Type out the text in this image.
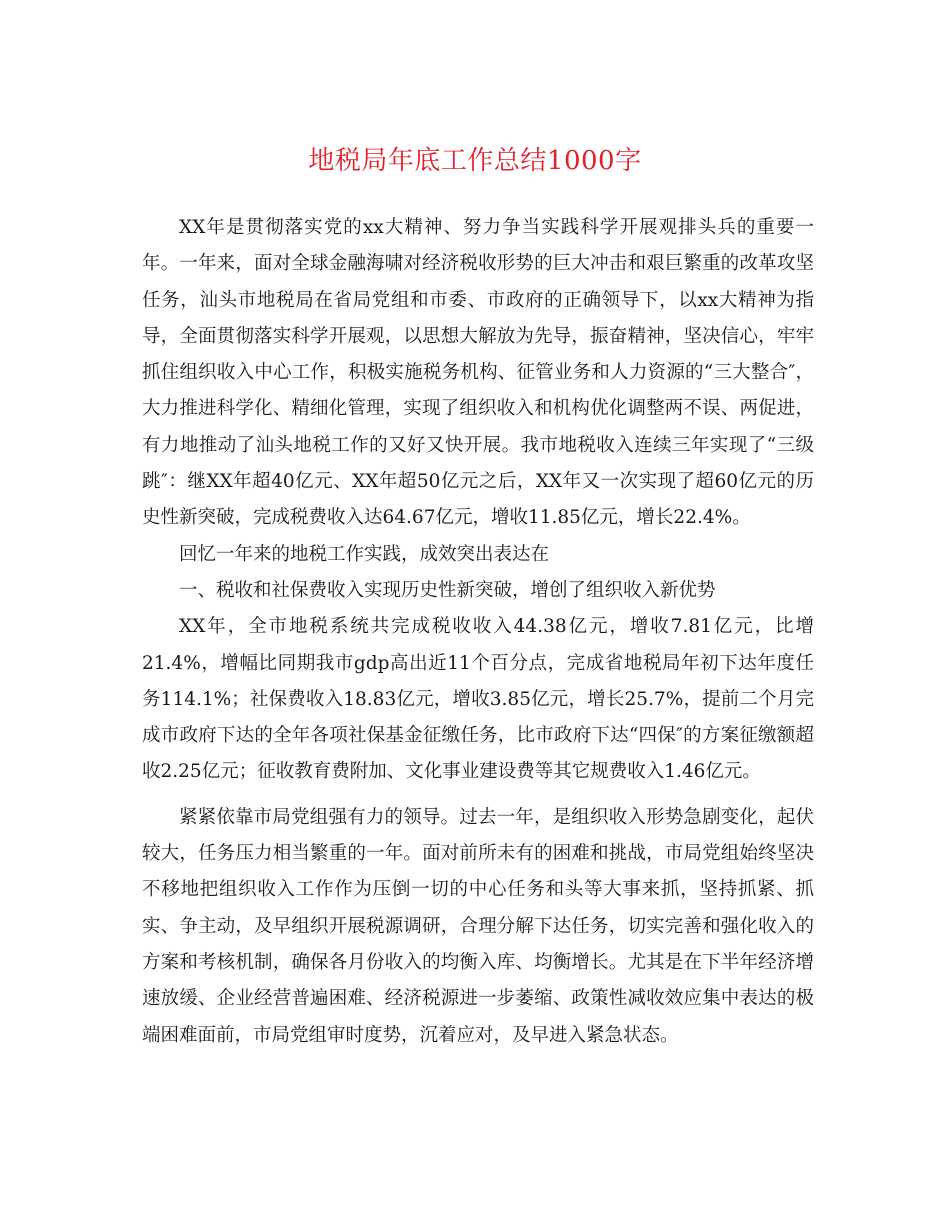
地税局年底工作总结1000字

XX年是贯彻落实党的xx大精神、努力争当实践科学开展观排头兵的重要一年。一年来，面对全球金融海啸对经济税收形势的巨大冲击和艰巨繁重的改革攻坚任务，汕头市地税局在省局党组和市委、市政府的正确领导下，以xx大精神为指导，全面贯彻落实科学开展观，以思想大解放为先导，振奋精神，坚决信心，牢牢抓住组织收入中心工作，积极实施税务机构、征管业务和人力资源的“三大整合″，大力推进科学化、精细化管理，实现了组织收入和机构优化调整两不误、两促进，有力地推动了汕头地税工作的又好又快开展。我市地税收入连续三年实现了“三级跳″：继XX年超40亿元、XX年超50亿元之后，XX年又一次实现了超60亿元的历史性新突破，完成税费收入达64.67亿元，增收11.85亿元，增长22.4%。

回忆一年来的地税工作实践，成效突出表达在

一、税收和社保费收入实现历史性新突破，增创了组织收入新优势

XX年，全市地税系统共完成税收收入44.38亿元，增收7.81亿元，比增21.4%，增幅比同期我市gdp高出近11个百分点，完成省地税局年初下达年度任务114.1%；社保费收入18.83亿元，增收3.85亿元，增长25.7%，提前二个月完成市政府下达的全年各项社保基金征缴任务，比市政府下达“四保″的方案征缴额超收2.25亿元；征收教育费附加、文化事业建设费等其它规费收入1.46亿元。

紧紧依靠市局党组强有力的领导。过去一年，是组织收入形势急剧变化，起伏较大，任务压力相当繁重的一年。面对前所未有的困难和挑战，市局党组始终坚决不移地把组织收入工作作为压倒一切的中心任务和头等大事来抓，坚持抓紧、抓实、争主动，及早组织开展税源调研，合理分解下达任务，切实完善和强化收入的方案和考核机制，确保各月份收入的均衡入库、均衡增长。尤其是在下半年经济增速放缓、企业经营普遍困难、经济税源进一步萎缩、政策性减收效应集中表达的极端困难面前，市局党组审时度势，沉着应对，及早进入紧急状态。
